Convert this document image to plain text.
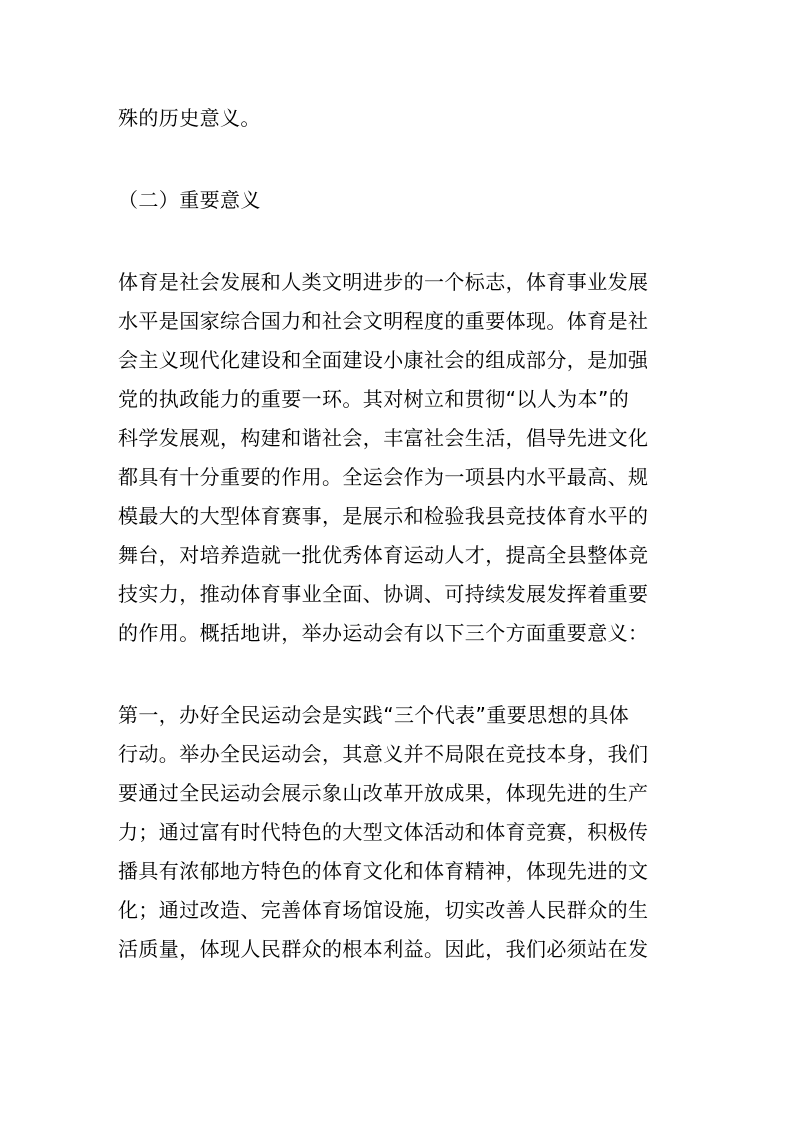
殊的历史意义。
（二）重要意义
体育是社会发展和人类文明进步的一个标志，体育事业发展
水平是国家综合国力和社会文明程度的重要体现。体育是社
会主义现代化建设和全面建设小康社会的组成部分，是加强
党的执政能力的重要一环。其对树立和贯彻“以人为本”的
科学发展观，构建和谐社会，丰富社会生活，倡导先进文化
都具有十分重要的作用。全运会作为一项县内水平最高、规
模最大的大型体育赛事，是展示和检验我县竞技体育水平的
舞台，对培养造就一批优秀体育运动人才，提高全县整体竞
技实力，推动体育事业全面、协调、可持续发展发挥着重要
的作用。概括地讲，举办运动会有以下三个方面重要意义：
第一，办好全民运动会是实践“三个代表”重要思想的具体
行动。举办全民运动会，其意义并不局限在竞技本身，我们
要通过全民运动会展示象山改革开放成果，体现先进的生产
力；通过富有时代特色的大型文体活动和体育竞赛，积极传
播具有浓郁地方特色的体育文化和体育精神，体现先进的文
化；通过改造、完善体育场馆设施，切实改善人民群众的生
活质量，体现人民群众的根本利益。因此，我们必须站在发
